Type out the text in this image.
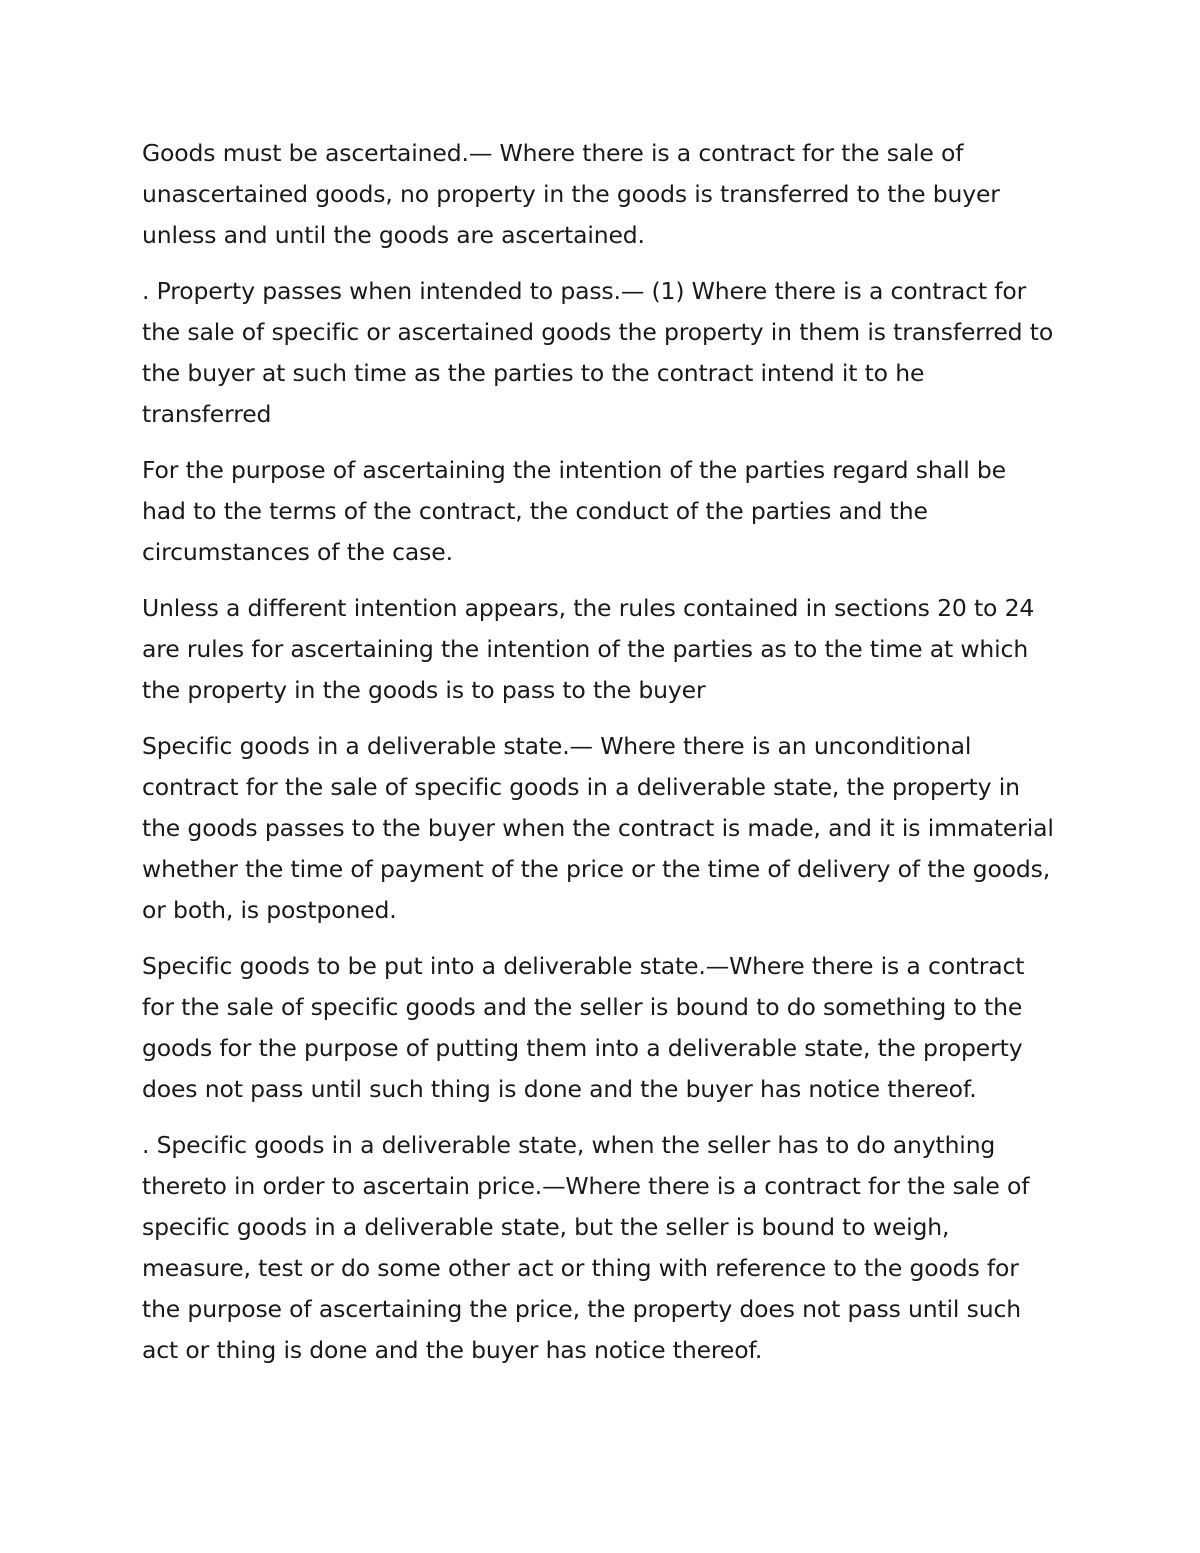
Goods must be ascertained.— Where there is a contract for the sale of unascertained goods, no property in the goods is transferred to the buyer unless and until the goods are ascertained.

. Property passes when intended to pass.— (1) Where there is a contract for the sale of specific or ascertained goods the property in them is transferred to the buyer at such time as the parties to the contract intend it to he transferred

For the purpose of ascertaining the intention of the parties regard shall be had to the terms of the contract, the conduct of the parties and the circumstances of the case.

Unless a different intention appears, the rules contained in sections 20 to 24 are rules for ascertaining the intention of the parties as to the time at which the property in the goods is to pass to the buyer

Specific goods in a deliverable state.— Where there is an unconditional contract for the sale of specific goods in a deliverable state, the property in the goods passes to the buyer when the contract is made, and it is immaterial whether the time of payment of the price or the time of delivery of the goods, or both, is postponed.

Specific goods to be put into a deliverable state.—Where there is a contract for the sale of specific goods and the seller is bound to do something to the goods for the purpose of putting them into a deliverable state, the property does not pass until such thing is done and the buyer has notice thereof.

. Specific goods in a deliverable state, when the seller has to do anything thereto in order to ascertain price.—Where there is a contract for the sale of specific goods in a deliverable state, but the seller is bound to weigh, measure, test or do some other act or thing with reference to the goods for the purpose of ascertaining the price, the property does not pass until such act or thing is done and the buyer has notice thereof.
